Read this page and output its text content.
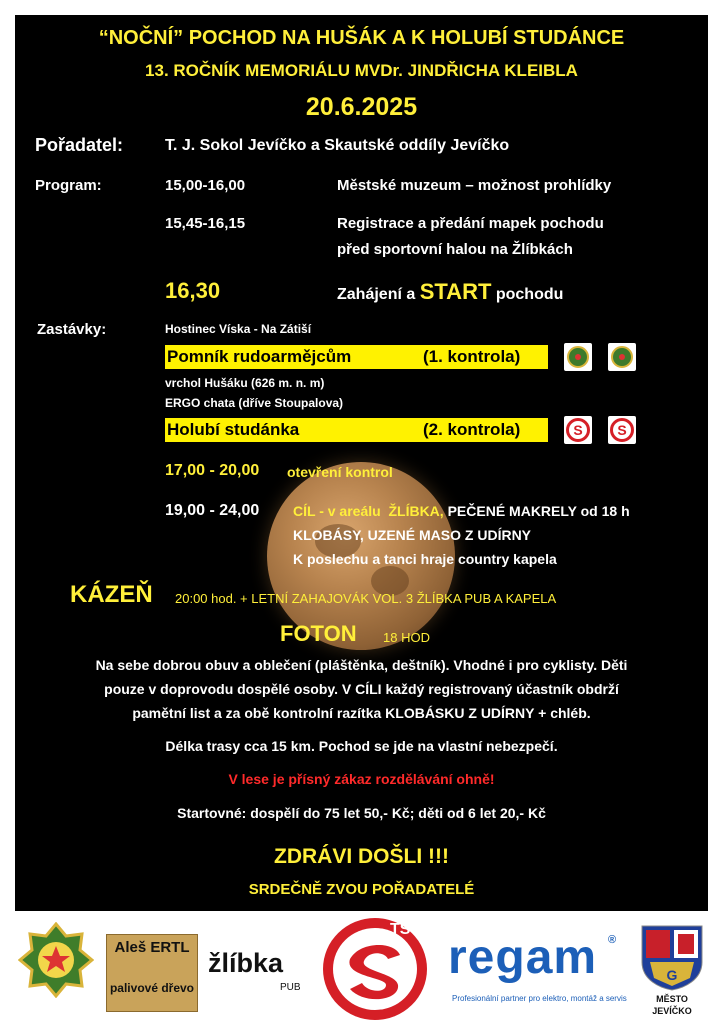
“NOČNÍ” POCHOD NA HUŠÁK A K HOLUBÍ STUDÁNCE
13. ROČNÍK MEMORIÁLU MVDr. JINDŘICHA KLEIBLA
20.6.2025
Pořadatel:	T. J. Sokol Jevíčko a Skautské oddíly Jevíčko
Program:	15,00-16,00	Městské muzeum – možnost prohlídky
15,45-16,15	Registrace a předání mapek pochodu
před sportovní halou na Žlíbkách
16,30	Zahájení a START pochodu
Zastávky:	Hostinec Víska - Na Zátiší
Pomník rudoarmějcům	(1. kontrola)
vrchol Hušáku (626 m. n. m)
ERGO chata (dříve Stoupalova)
Holubí studánka	(2. kontrola)	S	S
17,00 - 20,00 otevření kontrol
19,00 - 24,00 CÍL - v areálu ŽLÍBKA, PEČENÉ MAKRELY od 18 h
KLOBÁSY, UZENÉ MASO Z UDÍRNY
K poslechu a tanci hraje country kapela
KÁZEŇ 20:00 hod. + LETNÍ ZAHAJOVÁK VOL. 3 ŽLÍBKA PUB A KAPELA
FOTON 18 HOD
Na sebe dobrou obuv a oblečení (pláštěnka, deštník). Vhodné i pro cyklisty. Děti
pouze v doprovodu dospělé osoby. V CÍLI každý registrovaný účastník obdrží
pamětní list a za obě kontrolní razítka KLOBÁSKU Z UDÍRNY + chléb.
Délka trasy cca 15 km. Pochod se jde na vlastní nebezpečí.
V lese je přísný zákaz rozdělávání ohně!
Startovné: dospělí do 75 let 50,- Kč; děti od 6 let 20,- Kč
ZDRÁVI DOŠLI !!!
SRDEČNĚ ZVOU POŘADATELÉ
Aleš ERTL
palivové dřevo
žlíbka
PUB
TS
regam ®
Profesionální partner pro elektro, montáž a servis
G
MĚSTO
JEVÍČKO
